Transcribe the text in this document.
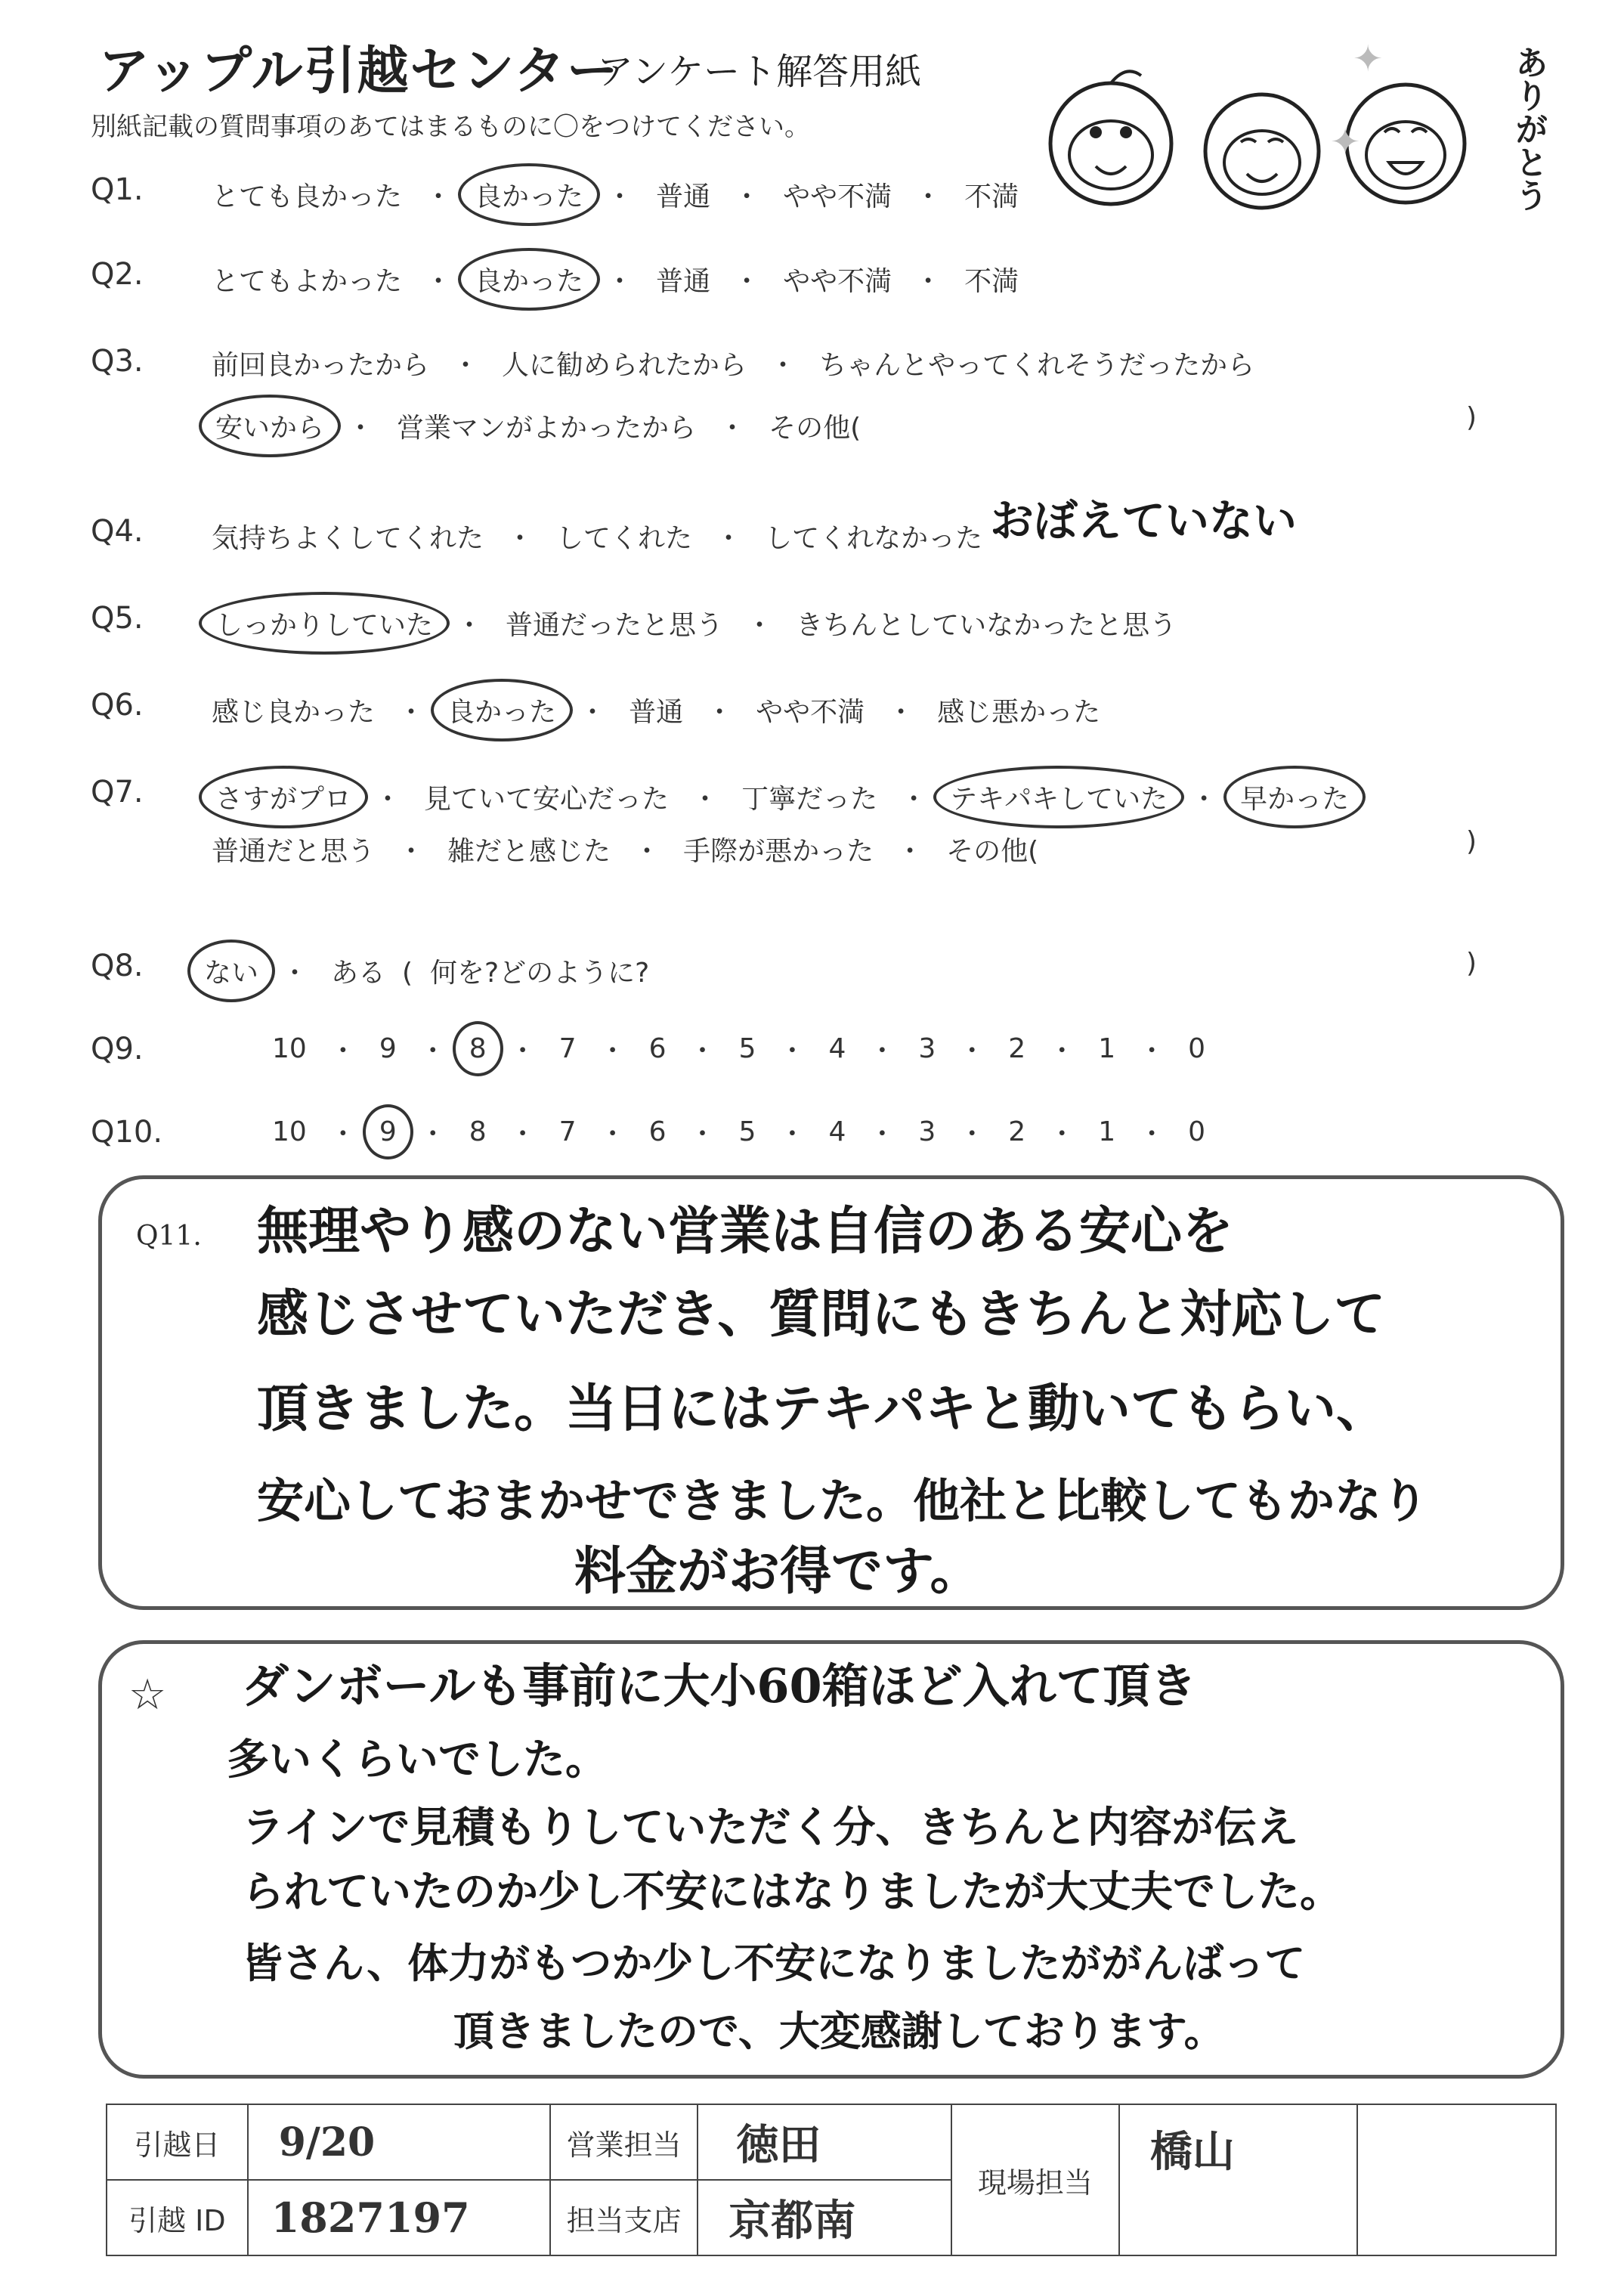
アップル引越センター
アンケート解答用紙
別紙記載の質問事項のあてはまるものに〇をつけてください。
✦
✦	ありがとう
Q1.	とても良かった ・ 良かった ・ 普通 ・ やや不満 ・ 不満
Q2.	とてもよかった ・ 良かった ・ 普通 ・ やや不満 ・ 不満
Q3.	前回良かったから ・ 人に勧められたから ・ ちゃんとやってくれそうだったから
安いから ・ 営業マンがよかったから ・ その他(	)
Q4.	気持ちよくしてくれた ・ してくれた ・ してくれなかった おぼえていない
Q5.	しっかりしていた ・ 普通だったと思う ・ きちんとしていなかったと思う
Q6.	感じ良かった ・ 良かった ・ 普通 ・ やや不満 ・ 感じ悪かった
Q7.	さすがプロ ・ 見ていて安心だった ・ 丁寧だった ・ テキパキしていた ・ 早かった
普通だと思う ・ 雑だと感じた ・ 手際が悪かった ・ その他(	)
Q8.	ない ・ ある (  何を?どのように?	)
Q9.	10 ・ 9 ・ 8 ・ 7 ・ 6 ・ 5 ・ 4 ・ 3 ・ 2 ・ 1 ・ 0
Q10.	10 ・ 9 ・ 8 ・ 7 ・ 6 ・ 5 ・ 4 ・ 3 ・ 2 ・ 1 ・ 0
Q11. 無理やり感のない営業は自信のある安心を
感じさせていただき、質問にもきちんと対応して
頂きました。当日にはテキパキと動いてもらい、
安心しておまかせできました。他社と比較してもかなり
料金がお得です。
☆ ダンボールも事前に大小60箱ほど入れて頂き
多いくらいでした。
ラインで見積もりしていただく分、きちんと内容が伝え
られていたのか少し不安にはなりましたが大丈夫でした。
皆さん、体力がもつか少し不安になりましたががんばって
頂きましたので、大変感謝しております。
引越日	9/20	営業担当	徳田	現場担当	橋山	
引越 ID	1827197	担当支店	京都南			
